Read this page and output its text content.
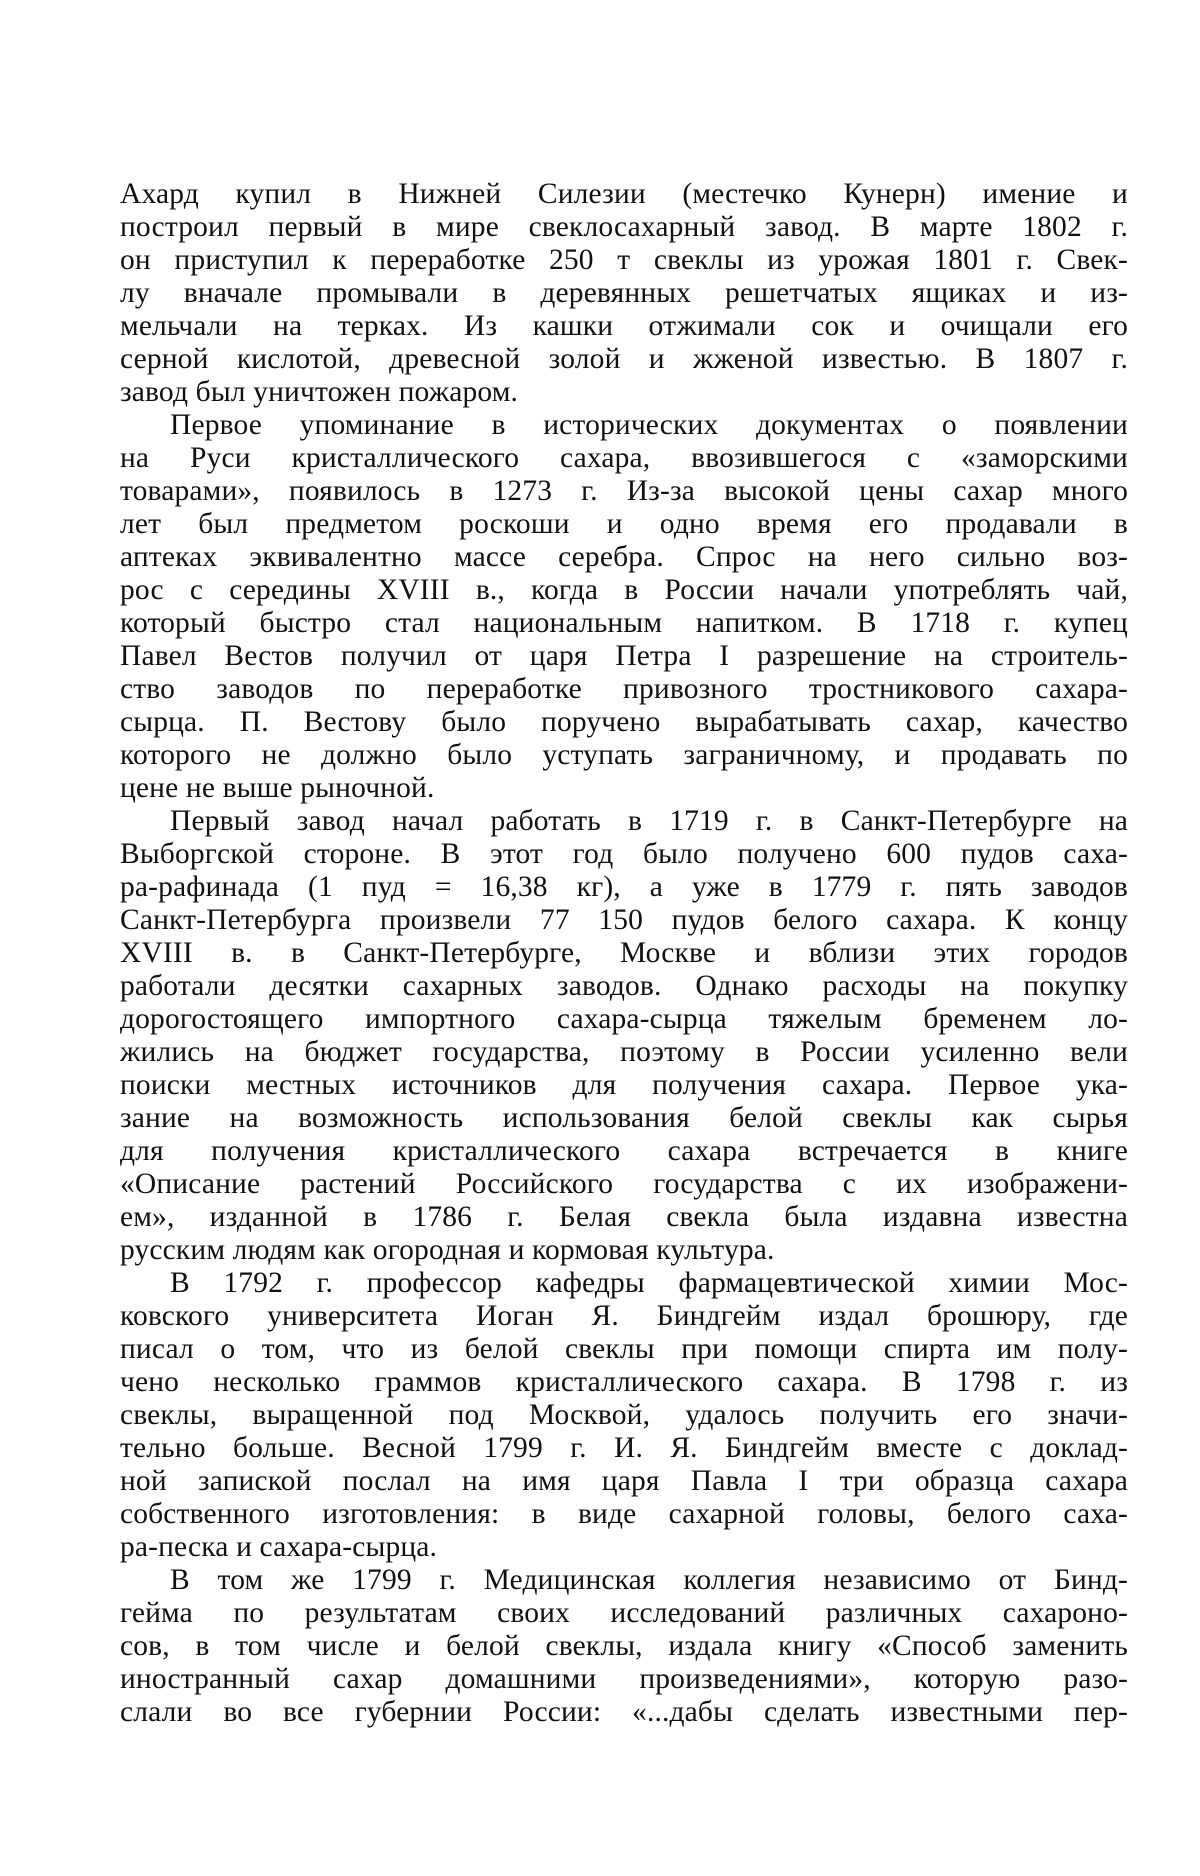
Ахард купил в Нижней Силезии (местечко Кунерн) имение и
построил первый в мире свеклосахарный завод. В марте 1802 г.
он приступил к переработке 250 т свеклы из урожая 1801 г. Свек-
лу вначале промывали в деревянных решетчатых ящиках и из-
мельчали на терках. Из кашки отжимали сок и очищали его
серной кислотой, древесной золой и жженой известью. В 1807 г.
завод был уничтожен пожаром.
Первое упоминание в исторических документах о появлении
на Руси кристаллического сахара, ввозившегося с «заморскими
товарами», появилось в 1273 г. Из-за высокой цены сахар много
лет был предметом роскоши и одно время его продавали в
аптеках эквивалентно массе серебра. Спрос на него сильно воз-
рос с середины XVIII в., когда в России начали употреблять чай,
который быстро стал национальным напитком. В 1718 г. купец
Павел Вестов получил от царя Петра I разрешение на строитель-
ство заводов по переработке привозного тростникового сахара-
сырца. П. Вестову было поручено вырабатывать сахар, качество
которого не должно было уступать заграничному, и продавать по
цене не выше рыночной.
Первый завод начал работать в 1719 г. в Санкт-Петербурге на
Выборгской стороне. В этот год было получено 600 пудов саха-
ра-рафинада (1 пуд = 16,38 кг), а уже в 1779 г. пять заводов
Санкт-Петербурга произвели 77 150 пудов белого сахара. К концу
XVIII в. в Санкт-Петербурге, Москве и вблизи этих городов
работали десятки сахарных заводов. Однако расходы на покупку
дорогостоящего импортного сахара-сырца тяжелым бременем ло-
жились на бюджет государства, поэтому в России усиленно вели
поиски местных источников для получения сахара. Первое ука-
зание на возможность использования белой свеклы как сырья
для получения кристаллического сахара встречается в книге
«Описание растений Российского государства с их изображени-
ем», изданной в 1786 г. Белая свекла была издавна известна
русским людям как огородная и кормовая культура.
В 1792 г. профессор кафедры фармацевтической химии Мос-
ковского университета Иоган Я. Биндгейм издал брошюру, где
писал о том, что из белой свеклы при помощи спирта им полу-
чено несколько граммов кристаллического сахара. В 1798 г. из
свеклы, выращенной под Москвой, удалось получить его значи-
тельно больше. Весной 1799 г. И. Я. Биндгейм вместе с доклад-
ной запиской послал на имя царя Павла I три образца сахара
собственного изготовления: в виде сахарной головы, белого саха-
ра-песка и сахара-сырца.
В том же 1799 г. Медицинская коллегия независимо от Бинд-
гейма по результатам своих исследований различных сахароно-
сов, в том числе и белой свеклы, издала книгу «Способ заменить
иностранный сахар домашними произведениями», которую разо-
слали во все губернии России: «...дабы сделать известными пер-
